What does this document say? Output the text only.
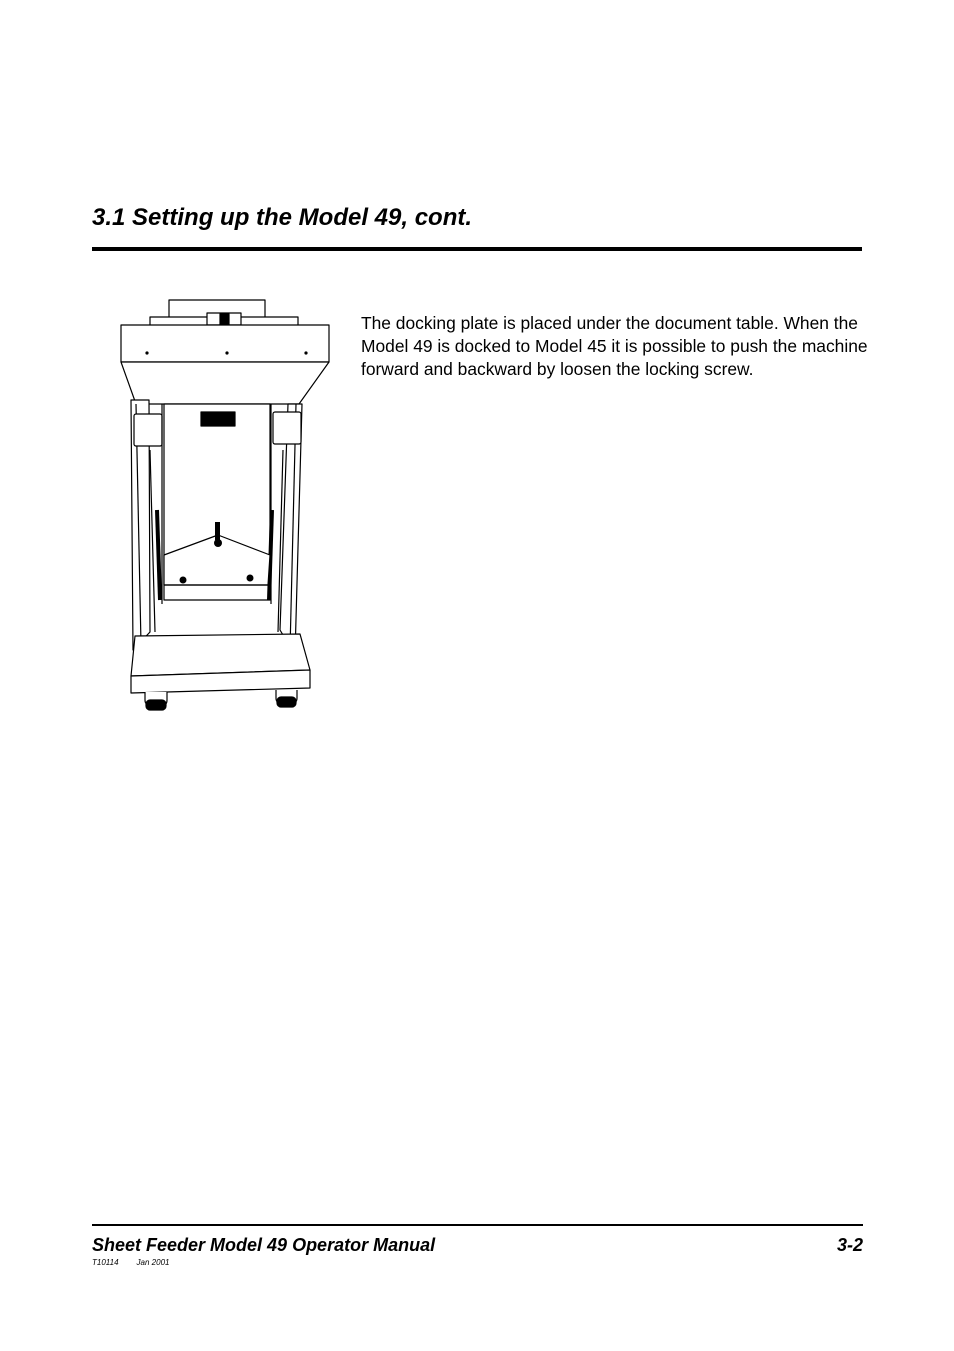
3.1 Setting up the Model 49, cont.

The docking plate is placed under the document table. When the Model 49 is docked to Model 45 it is possible to push the machine forward and backward by loosen the locking screw.

Sheet Feeder Model 49 Operator Manual	3-2
T10114 Jan 2001
